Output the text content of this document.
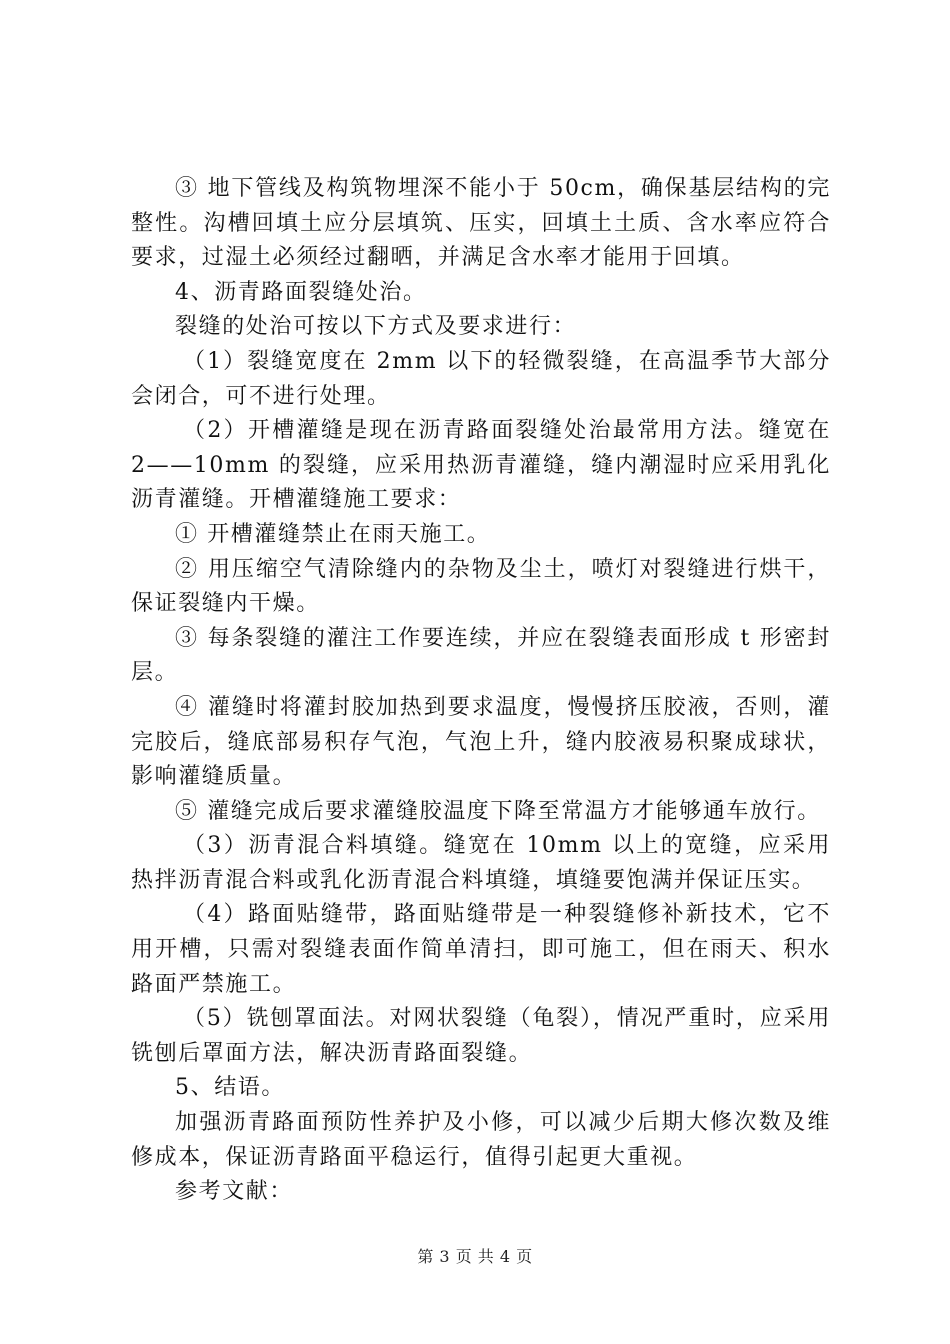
③ 地下管线及构筑物埋深不能小于 50cm，确保基层结构的完整性。沟槽回填土应分层填筑、压实，回填土土质、含水率应符合要求，过湿土必须经过翻晒，并满足含水率才能用于回填。

4、沥青路面裂缝处治。

裂缝的处治可按以下方式及要求进行：

（1）裂缝宽度在 2mm 以下的轻微裂缝，在高温季节大部分会闭合，可不进行处理。

（2）开槽灌缝是现在沥青路面裂缝处治最常用方法。缝宽在 2——10mm 的裂缝，应采用热沥青灌缝，缝内潮湿时应采用乳化沥青灌缝。开槽灌缝施工要求：

① 开槽灌缝禁止在雨天施工。

② 用压缩空气清除缝内的杂物及尘土，喷灯对裂缝进行烘干，保证裂缝内干燥。

③ 每条裂缝的灌注工作要连续，并应在裂缝表面形成 t 形密封层。

④ 灌缝时将灌封胶加热到要求温度，慢慢挤压胶液，否则，灌完胶后，缝底部易积存气泡，气泡上升，缝内胶液易积聚成球状，影响灌缝质量。

⑤ 灌缝完成后要求灌缝胶温度下降至常温方才能够通车放行。

（3）沥青混合料填缝。缝宽在 10mm 以上的宽缝，应采用热拌沥青混合料或乳化沥青混合料填缝，填缝要饱满并保证压实。

（4）路面贴缝带，路面贴缝带是一种裂缝修补新技术，它不用开槽，只需对裂缝表面作简单清扫，即可施工，但在雨天、积水路面严禁施工。

（5）铣刨罩面法。对网状裂缝（龟裂），情况严重时，应采用铣刨后罩面方法，解决沥青路面裂缝。

5、结语。

加强沥青路面预防性养护及小修，可以减少后期大修次数及维修成本，保证沥青路面平稳运行，值得引起更大重视。

参考文献：

第 3 页 共 4 页
